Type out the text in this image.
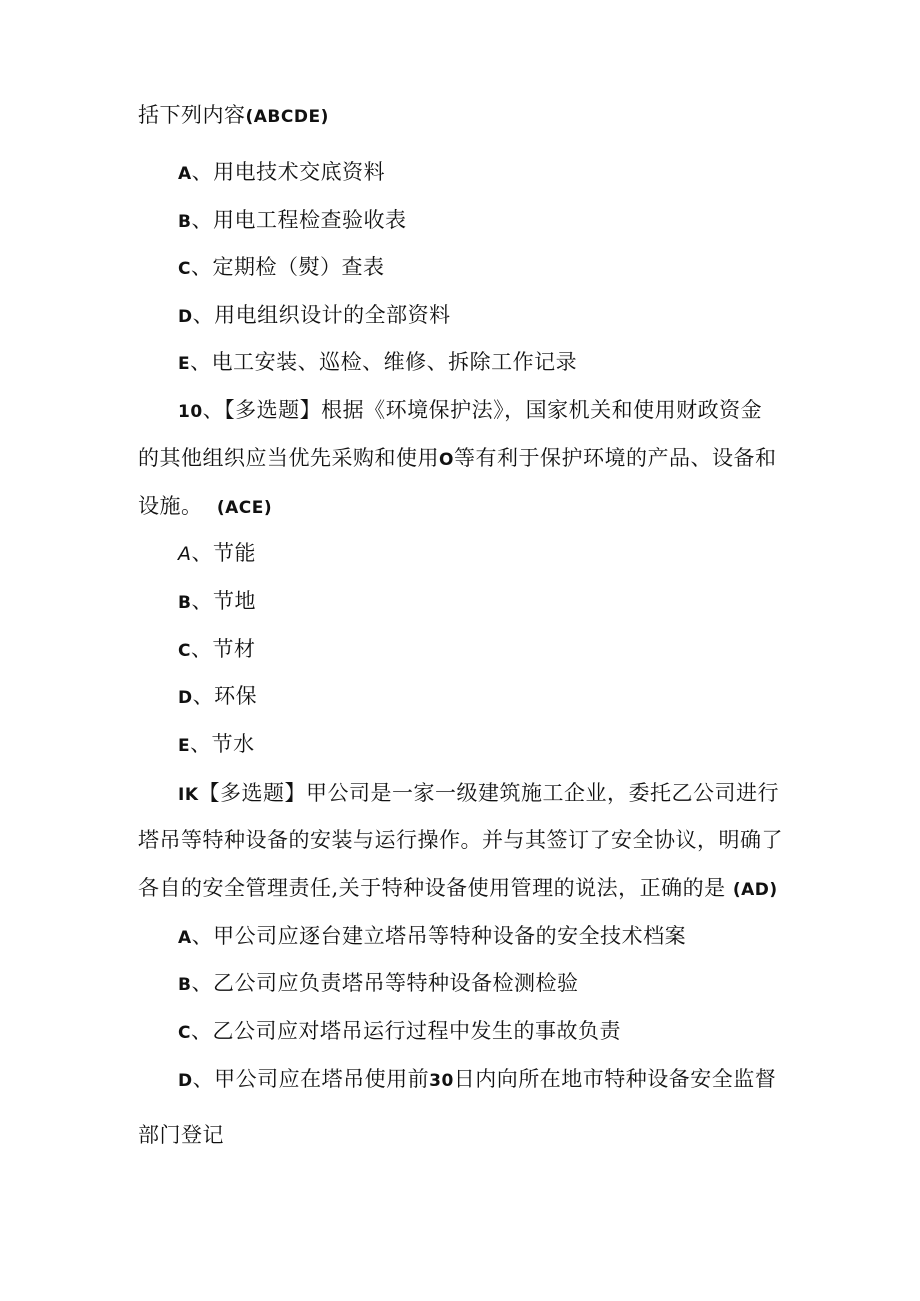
括下列内容(ABCDE)
A、用电技术交底资料
B、用电工程检查验收表
C、定期检（熨）查表
D、用电组织设计的全部资料
E、电工安装、巡检、维修、拆除工作记录
10、【多选题】根据《环境保护法》，国家机关和使用财政资金
的其他组织应当优先采购和使用O等有利于保护环境的产品、设备和
设施。 (ACE)
A、节能
B、节地
C、节材
D、环保
E、节水
IK【多选题】甲公司是一家一级建筑施工企业，委托乙公司进行
塔吊等特种设备的安装与运行操作。并与其签订了安全协议，明确了
各自的安全管理责任,关于特种设备使用管理的说法，正确的是 (AD)
A、甲公司应逐台建立塔吊等特种设备的安全技术档案
B、乙公司应负责塔吊等特种设备检测检验
C、乙公司应对塔吊运行过程中发生的事故负责
D、甲公司应在塔吊使用前30日内向所在地市特种设备安全监督
部门登记
